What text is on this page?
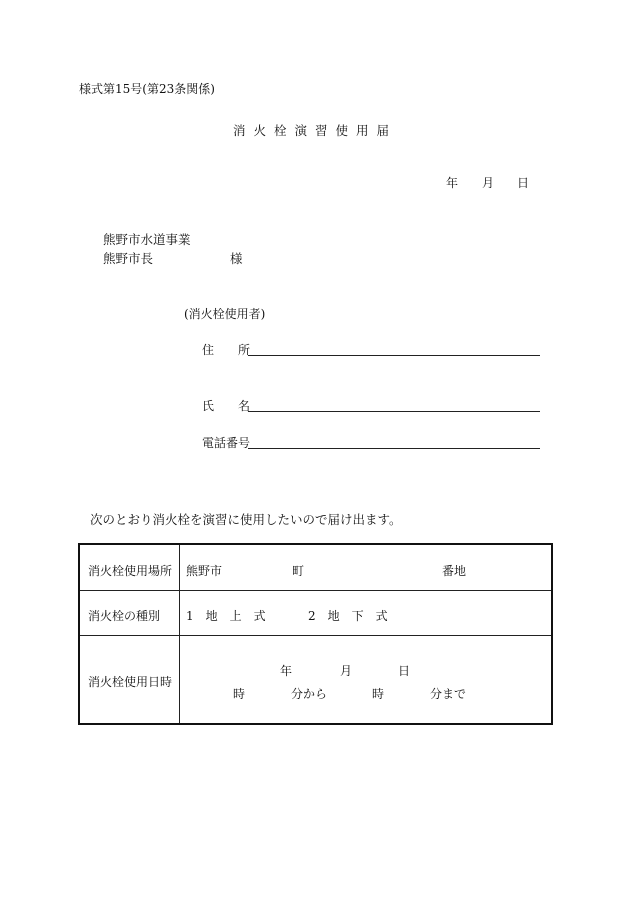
様式第15号(第23条関係)
消火栓演習使用届
年 月 日
熊野市水道事業
熊野市長	様
(消火栓使用者)
住　　所
氏　　名
電話番号
次のとおり消火栓を演習に使用したいので届け出ます。
消火栓使用場所 熊野市	町	番地
消火栓の種別 1　地　上　式	2　地　下　式
消火栓使用日時
年	月	日
時	分から	時	分まで
